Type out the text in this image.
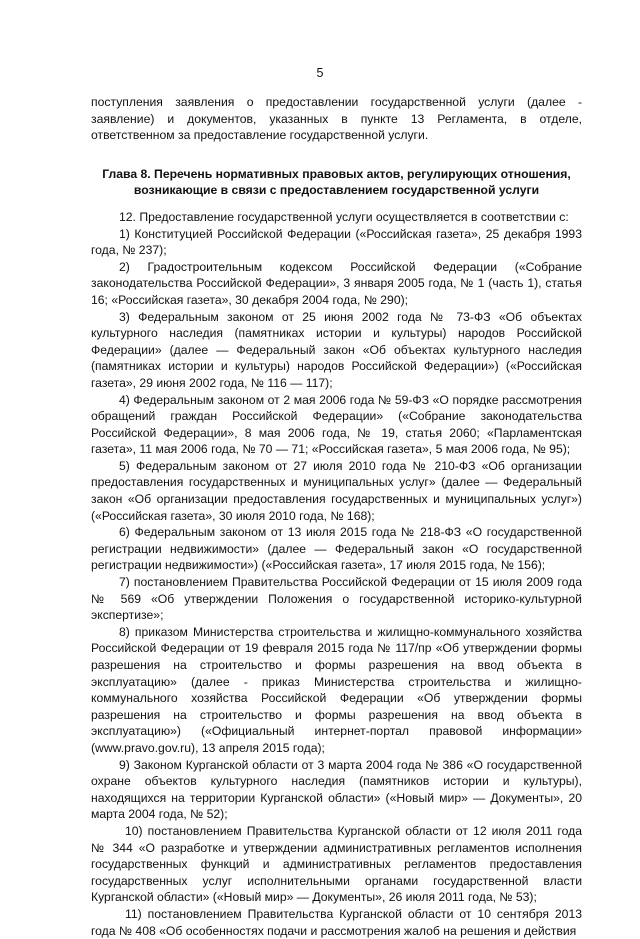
5

поступления заявления о предоставлении государственной услуги (далее - заявление) и документов, указанных в пункте 13 Регламента, в отделе, ответственном за предоставление государственной услуги.

Глава 8. Перечень нормативных правовых актов, регулирующих отношения, возникающие в связи с предоставлением государственной услуги

12. Предоставление государственной услуги осуществляется в соответствии с:

1) Конституцией Российской Федерации («Российская газета», 25 декабря 1993 года, № 237);

2) Градостроительным кодексом Российской Федерации («Собрание законодательства Российской Федерации», 3 января 2005 года, № 1 (часть 1), статья 16; «Российская газета», 30 декабря 2004 года, № 290);

3) Федеральным законом от 25 июня 2002 года № 73-ФЗ «Об объектах культурного наследия (памятниках истории и культуры) народов Российской Федерации» (далее — Федеральный закон «Об объектах культурного наследия (памятниках истории и культуры) народов Российской Федерации») («Российская газета», 29 июня 2002 года, № 116 — 117);

4) Федеральным законом от 2 мая 2006 года № 59-ФЗ «О порядке рассмотрения обращений граждан Российской Федерации» («Собрание законодательства Российской Федерации», 8 мая 2006 года, № 19, статья 2060; «Парламентская газета», 11 мая 2006 года, № 70 — 71; «Российская газета», 5 мая 2006 года, № 95);

5) Федеральным законом от 27 июля 2010 года № 210-ФЗ «Об организации предоставления государственных и муниципальных услуг» (далее — Федеральный закон «Об организации предоставления государственных и муниципальных услуг») («Российская газета», 30 июля 2010 года, № 168);

6) Федеральным законом от 13 июля 2015 года № 218-ФЗ «О государственной регистрации недвижимости» (далее — Федеральный закон «О государственной регистрации недвижимости») («Российская газета», 17 июля 2015 года, № 156);

7) постановлением Правительства Российской Федерации от 15 июля 2009 года № 569 «Об утверждении Положения о государственной историко-культурной экспертизе»;

8) приказом Министерства строительства и жилищно-коммунального хозяйства Российской Федерации от 19 февраля 2015 года № 117/пр «Об утверждении формы разрешения на строительство и формы разрешения на ввод объекта в эксплуатацию» (далее - приказ Министерства строительства и жилищно-коммунального хозяйства Российской Федерации «Об утверждении формы разрешения на строительство и формы разрешения на ввод объекта в эксплуатацию») («Официальный интернет-портал правовой информации» (www.pravo.gov.ru), 13 апреля 2015 года);

9) Законом Курганской области от 3 марта 2004 года № 386 «О государственной охране объектов культурного наследия (памятников истории и культуры), находящихся на территории Курганской области» («Новый мир» — Документы», 20 марта 2004 года, № 52);

10) постановлением Правительства Курганской области от 12 июля 2011 года № 344 «О разработке и утверждении административных регламентов исполнения государственных функций и административных регламентов предоставления государственных услуг исполнительными органами государственной власти Курганской области» («Новый мир» — Документы», 26 июля 2011 года, № 53);

11) постановлением Правительства Курганской области от 10 сентября 2013 года № 408 «Об особенностях подачи и рассмотрения жалоб на решения и действия
